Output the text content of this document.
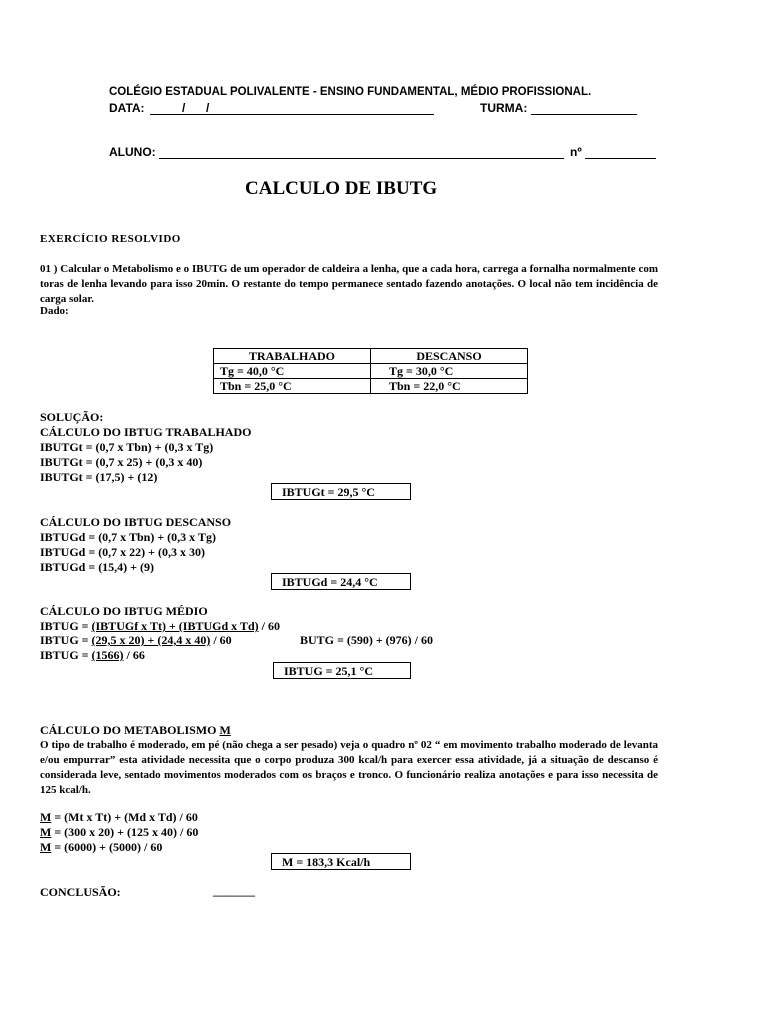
COLÉGIO ESTADUAL POLIVALENTE - ENSINO FUNDAMENTAL, MÉDIO PROFISSIONAL.
DATA:	/ /	TURMA:
ALUNO:	nº
CALCULO DE IBUTG
EXERCÍCIO RESOLVIDO
01 ) Calcular o Metabolismo e o IBUTG de um operador de caldeira a lenha, que a cada hora, carrega a fornalha normalmente com toras de lenha levando para isso 20min. O restante do tempo permanece sentado fazendo anotações. O local não tem incidência de carga solar.
Dado:
TRABALHADO	DESCANSO
Tg = 40,0 °C	Tg = 30,0 °C
Tbn = 25,0 °C	Tbn = 22,0 °C
SOLUÇÃO:
CÁLCULO DO IBTUG TRABALHADO
IBUTGt = (0,7 x Tbn) + (0,3 x Tg)
IBUTGt = (0,7 x 25) + (0,3 x 40)
IBUTGt = (17,5) + (12)
IBTUGt = 29,5 °C
CÁLCULO DO IBTUG DESCANSO
IBTUGd = (0,7 x Tbn) + (0,3 x Tg)
IBTUGd = (0,7 x 22) + (0,3 x 30)
IBTUGd = (15,4) + (9)
IBTUGd = 24,4 °C
CÁLCULO DO IBTUG MÉDIO
IBTUG = (IBTUGf x Tt) + (IBTUGd x Td) / 60
IBTUG = (29,5 x 20) + (24,4 x 40) / 60	BUTG = (590) + (976) / 60
IBTUG = (1566) / 66
IBTUG = 25,1 °C
CÁLCULO DO METABOLISMO M
O tipo de trabalho é moderado, em pé (não chega a ser pesado) veja o quadro nº 02 “ em movimento trabalho moderado de levanta e/ou empurrar” esta atividade necessita que o corpo produza 300 kcal/h para exercer essa atividade, já a situação de descanso é considerada leve, sentado movimentos moderados com os braços e tronco. O funcionário realiza anotações e para isso necessita de 125 kcal/h.
M = (Mt x Tt) + (Md x Td) / 60
M = (300 x 20) + (125 x 40) / 60
M = (6000) + (5000) / 60
M = 183,3 Kcal/h
CONCLUSÃO:	_______
